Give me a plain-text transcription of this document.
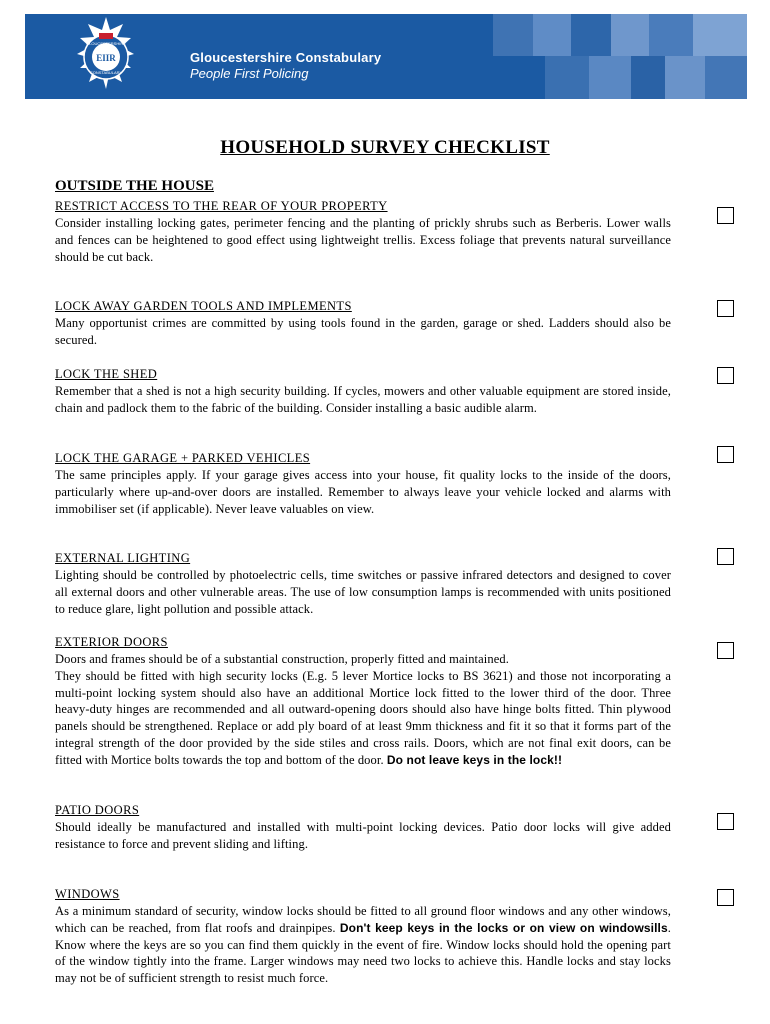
EIIR
GLOUCESTERSHIRE
CONSTABULARY
Gloucestershire Constabulary
People First Policing
HOUSEHOLD SURVEY CHECKLIST
OUTSIDE THE HOUSE
RESTRICT ACCESS TO THE REAR OF YOUR PROPERTY
Consider installing locking gates, perimeter fencing and the planting of prickly shrubs such as Berberis. Lower walls and fences can be heightened to good effect using lightweight trellis. Excess foliage that prevents natural surveillance should be cut back.
LOCK AWAY GARDEN TOOLS AND IMPLEMENTS
Many opportunist crimes are committed by using tools found in the garden, garage or shed. Ladders should also be secured.
LOCK THE SHED
Remember that a shed is not a high security building. If cycles, mowers and other valuable equipment are stored inside, chain and padlock them to the fabric of the building. Consider installing a basic audible alarm.
LOCK THE GARAGE + PARKED VEHICLES
The same principles apply. If your garage gives access into your house, fit quality locks to the inside of the doors, particularly where up-and-over doors are installed. Remember to always leave your vehicle locked and alarms with immobiliser set (if applicable). Never leave valuables on view.
EXTERNAL LIGHTING
Lighting should be controlled by photoelectric cells, time switches or passive infrared detectors and designed to cover all external doors and other vulnerable areas. The use of low consumption lamps is recommended with units positioned to reduce glare, light pollution and possible attack.
EXTERIOR DOORS
Doors and frames should be of a substantial construction, properly fitted and maintained.
They should be fitted with high security locks (E.g. 5 lever Mortice locks to BS 3621) and those not incorporating a multi-point locking system should also have an additional Mortice lock fitted to the lower third of the door. Three heavy-duty hinges are recommended and all outward-opening doors should also have hinge bolts fitted. Thin plywood panels should be strengthened. Replace or add ply board of at least 9mm thickness and fit it so that it forms part of the integral strength of the door provided by the side stiles and cross rails. Doors, which are not final exit doors, can be fitted with Mortice bolts towards the top and bottom of the door. Do not leave keys in the lock!!
PATIO DOORS
Should ideally be manufactured and installed with multi-point locking devices. Patio door locks will give added resistance to force and prevent sliding and lifting.
WINDOWS
As a minimum standard of security, window locks should be fitted to all ground floor windows and any other windows, which can be reached, from flat roofs and drainpipes. Don't keep keys in the locks or on view on windowsills. Know where the keys are so you can find them quickly in the event of fire. Window locks should hold the opening part of the window tightly into the frame. Larger windows may need two locks to achieve this. Handle locks and stay locks may not be of sufficient strength to resist much force.
